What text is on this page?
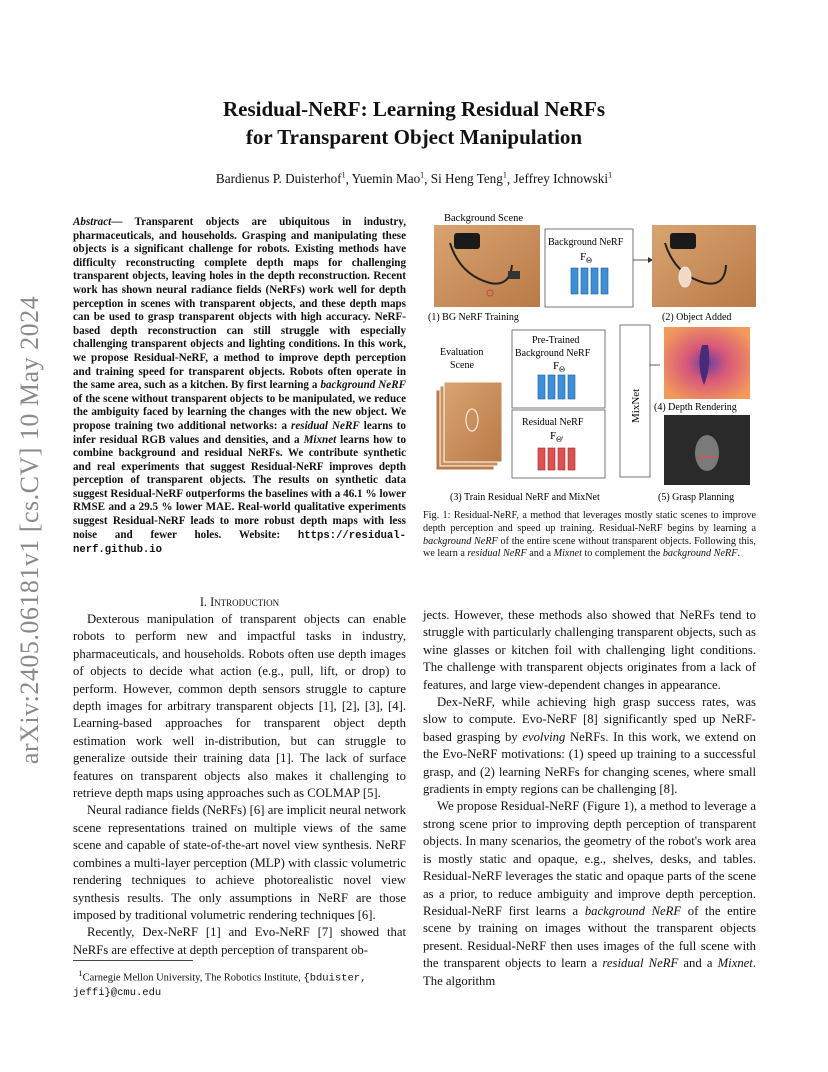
arXiv:2405.06181v1 [cs.CV] 10 May 2024
Residual-NeRF: Learning Residual NeRFs
for Transparent Object Manipulation
Bardienus P. Duisterhof$^1$, Yuemin Mao$^1$, Si Heng Teng$^1$, Jeffrey Ichnowski$^1$
Abstract— Transparent objects are ubiquitous in industry, pharmaceuticals, and households. Grasping and manipulating these objects is a significant challenge for robots. Existing methods have difficulty reconstructing complete depth maps for challenging transparent objects, leaving holes in the depth reconstruction. Recent work has shown neural radiance fields (NeRFs) work well for depth perception in scenes with transparent objects, and these depth maps can be used to grasp transparent objects with high accuracy. NeRF-based depth reconstruction can still struggle with especially challenging transparent objects and lighting conditions. In this work, we propose Residual-NeRF, a method to improve depth perception and training speed for transparent objects. Robots often operate in the same area, such as a kitchen. By first learning a background NeRF of the scene without transparent objects to be manipulated, we reduce the ambiguity faced by learning the changes with the new object. We propose training two additional networks: a residual NeRF learns to infer residual RGB values and densities, and a Mixnet learns how to combine background and residual NeRFs. We contribute synthetic and real experiments that suggest Residual-NeRF improves depth perception of transparent objects. The results on synthetic data suggest Residual-NeRF outperforms the baselines with a 46.1 % lower RMSE and a 29.5 % lower MAE. Real-world qualitative experiments suggest Residual-NeRF leads to more robust depth maps with less noise and fewer holes. Website: https://residual-nerf.github.io
Background Scene
Background NeRF
$F_\Theta$
(1) BG NeRF Training	(2) Object Added
Evaluation
Scene
Pre-Trained
Background NeRF
$F_\Theta$
Residual NeRF
$F_{\Theta'}$
MixNet (4) Depth Rendering
(3) Train Residual NeRF and MixNet	(5) Grasp Planning
Fig. 1: Residual-NeRF, a method that leverages mostly static scenes to improve depth perception and speed up training. Residual-NeRF begins by learning a background NeRF of the entire scene without transparent objects. Following this, we learn a residual NeRF and a Mixnet to complement the background NeRF.
I. Introduction

Dexterous manipulation of transparent objects can enable robots to perform new and impactful tasks in industry, pharmaceuticals, and households. Robots often use depth images of objects to decide what action (e.g., pull, lift, or drop) to perform. However, common depth sensors struggle to capture depth images for arbitrary transparent objects [1], [2], [3], [4]. Learning-based approaches for transparent object depth estimation work well in-distribution, but can struggle to generalize outside their training data [1]. The lack of surface features on transparent objects also makes it challenging to retrieve depth maps using approaches such as COLMAP [5].

Neural radiance fields (NeRFs) [6] are implicit neural network scene representations trained on multiple views of the same scene and capable of state-of-the-art novel view synthesis. NeRF combines a multi-layer perception (MLP) with classic volumetric rendering techniques to achieve photorealistic novel view synthesis results. The only assumptions in NeRF are those imposed by traditional volumetric rendering techniques [6].

Recently, Dex-NeRF [1] and Evo-NeRF [7] showed that NeRFs are effective at depth perception of transparent ob-

$^1$Carnegie Mellon University, The Robotics Institute, {bduister, jeffi}@cmu.edu

jects. However, these methods also showed that NeRFs tend to struggle with particularly challenging transparent objects, such as wine glasses or kitchen foil with challenging light conditions. The challenge with transparent objects originates from a lack of features, and large view-dependent changes in appearance.

Dex-NeRF, while achieving high grasp success rates, was slow to compute. Evo-NeRF [8] significantly sped up NeRF-based grasping by evolving NeRFs. In this work, we extend on the Evo-NeRF motivations: (1) speed up training to a successful grasp, and (2) learning NeRFs for changing scenes, where small gradients in empty regions can be challenging [8].

We propose Residual-NeRF (Figure 1), a method to leverage a strong scene prior to improving depth perception of transparent objects. In many scenarios, the geometry of the robot's work area is mostly static and opaque, e.g., shelves, desks, and tables. Residual-NeRF leverages the static and opaque parts of the scene as a prior, to reduce ambiguity and improve depth perception. Residual-NeRF first learns a background NeRF of the entire scene by training on images without the transparent objects present. Residual-NeRF then uses images of the full scene with the transparent objects to learn a residual NeRF and a Mixnet. The algorithm
